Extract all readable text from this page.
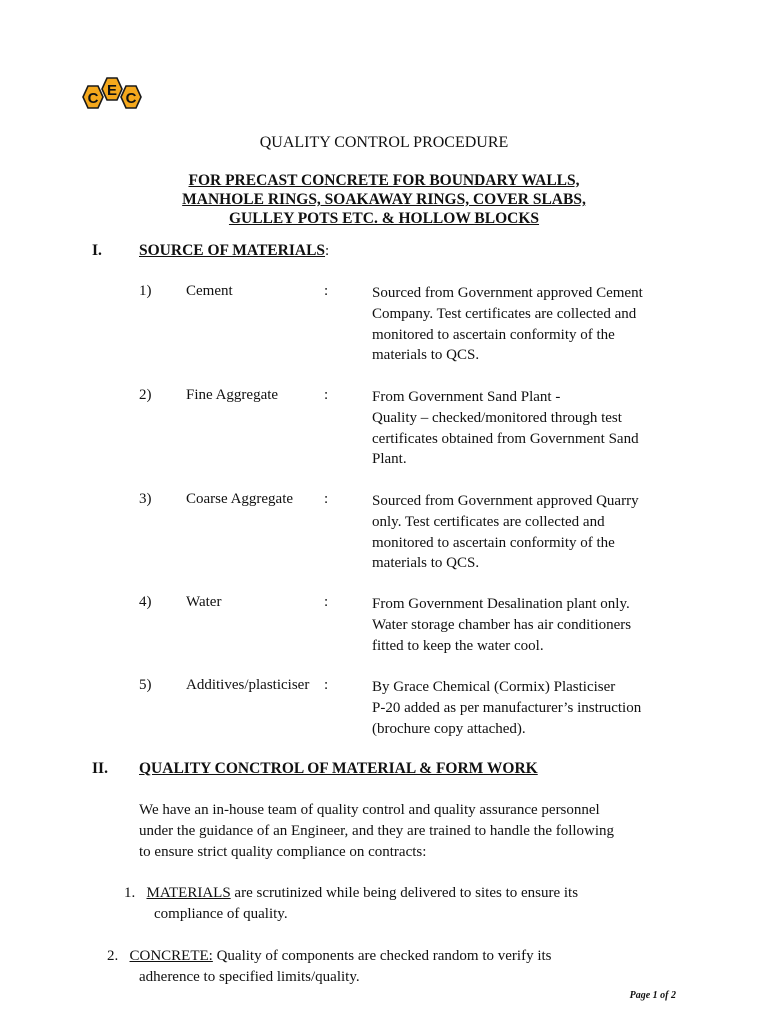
C E C
QUALITY CONTROL PROCEDURE
FOR PRECAST CONCRETE FOR BOUNDARY WALLS,
MANHOLE RINGS, SOAKAWAY RINGS, COVER SLABS,
GULLEY POTS ETC. & HOLLOW BLOCKS
I. SOURCE OF MATERIALS:
1) Cement	:	Sourced from Government approved Cement
Company. Test certificates are collected and
monitored to ascertain conformity of the
materials to QCS.
2) Fine Aggregate	:	From Government Sand Plant -
Quality – checked/monitored through test
certificates obtained from Government Sand
Plant.
3) Coarse Aggregate :	Sourced from Government approved Quarry
only. Test certificates are collected and
monitored to ascertain conformity of the
materials to QCS.
4) Water	:	From Government Desalination plant only.
Water storage chamber has air conditioners
fitted to keep the water cool.
5) Additives/plasticiser :	By Grace Chemical (Cormix) Plasticiser
P-20 added as per manufacturer’s instruction
(brochure copy attached).
II. QUALITY CONCTROL OF MATERIAL & FORM WORK
We have an in-house team of quality control and quality assurance personnel
under the guidance of an Engineer, and they are trained to handle the following
to ensure strict quality compliance on contracts:
1. MATERIALS are scrutinized while being delivered to sites to ensure its
compliance of quality.
2. CONCRETE: Quality of components are checked random to verify its
adherence to specified limits/quality.
Page 1 of 2
